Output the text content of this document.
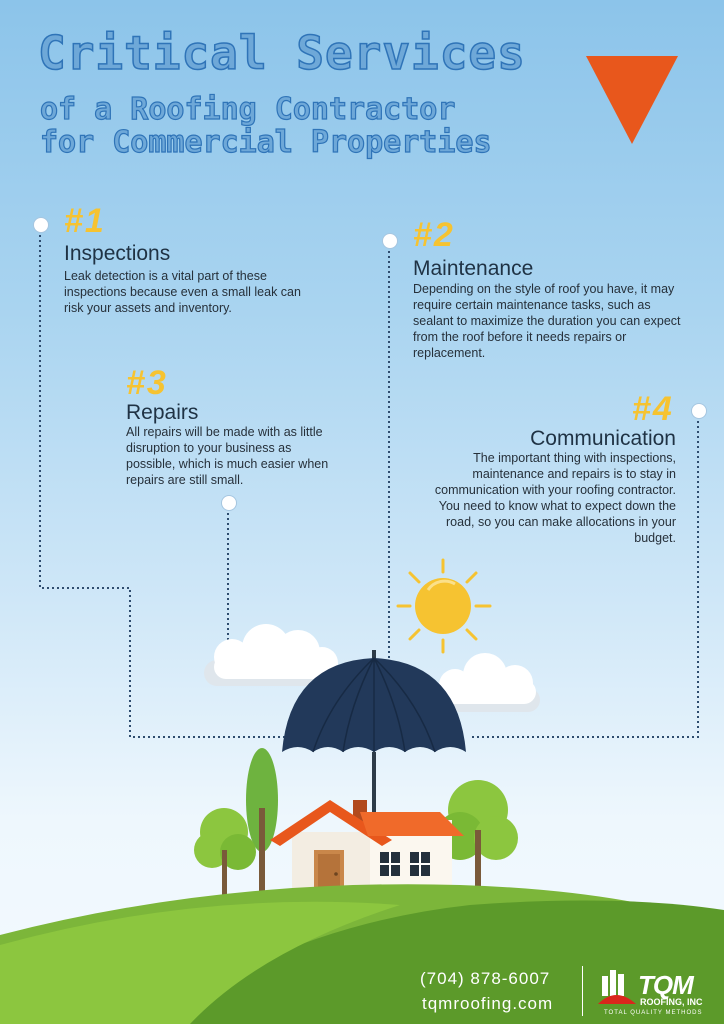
Critical Services
of a Roofing Contractor
for Commercial Properties
#1
Inspections
Leak detection is a vital part of these inspections because even a small leak can risk your assets and inventory.
#2
Maintenance
Depending on the style of roof you have, it may require certain maintenance tasks, such as sealant to maximize the duration you can expect from the roof before it needs repairs or replacement.
#3
Repairs
All repairs will be made with as little disruption to your business as possible, which is much easier when repairs are still small.
#4
Communication
The important thing with inspections, maintenance and repairs is to stay in communication with your roofing contractor. You need to know what to expect down the road, so you can make allocations in your budget.
(704) 878-6007
tqmroofing.com
TQM
ROOFING, INC
TOTAL QUALITY METHODS
